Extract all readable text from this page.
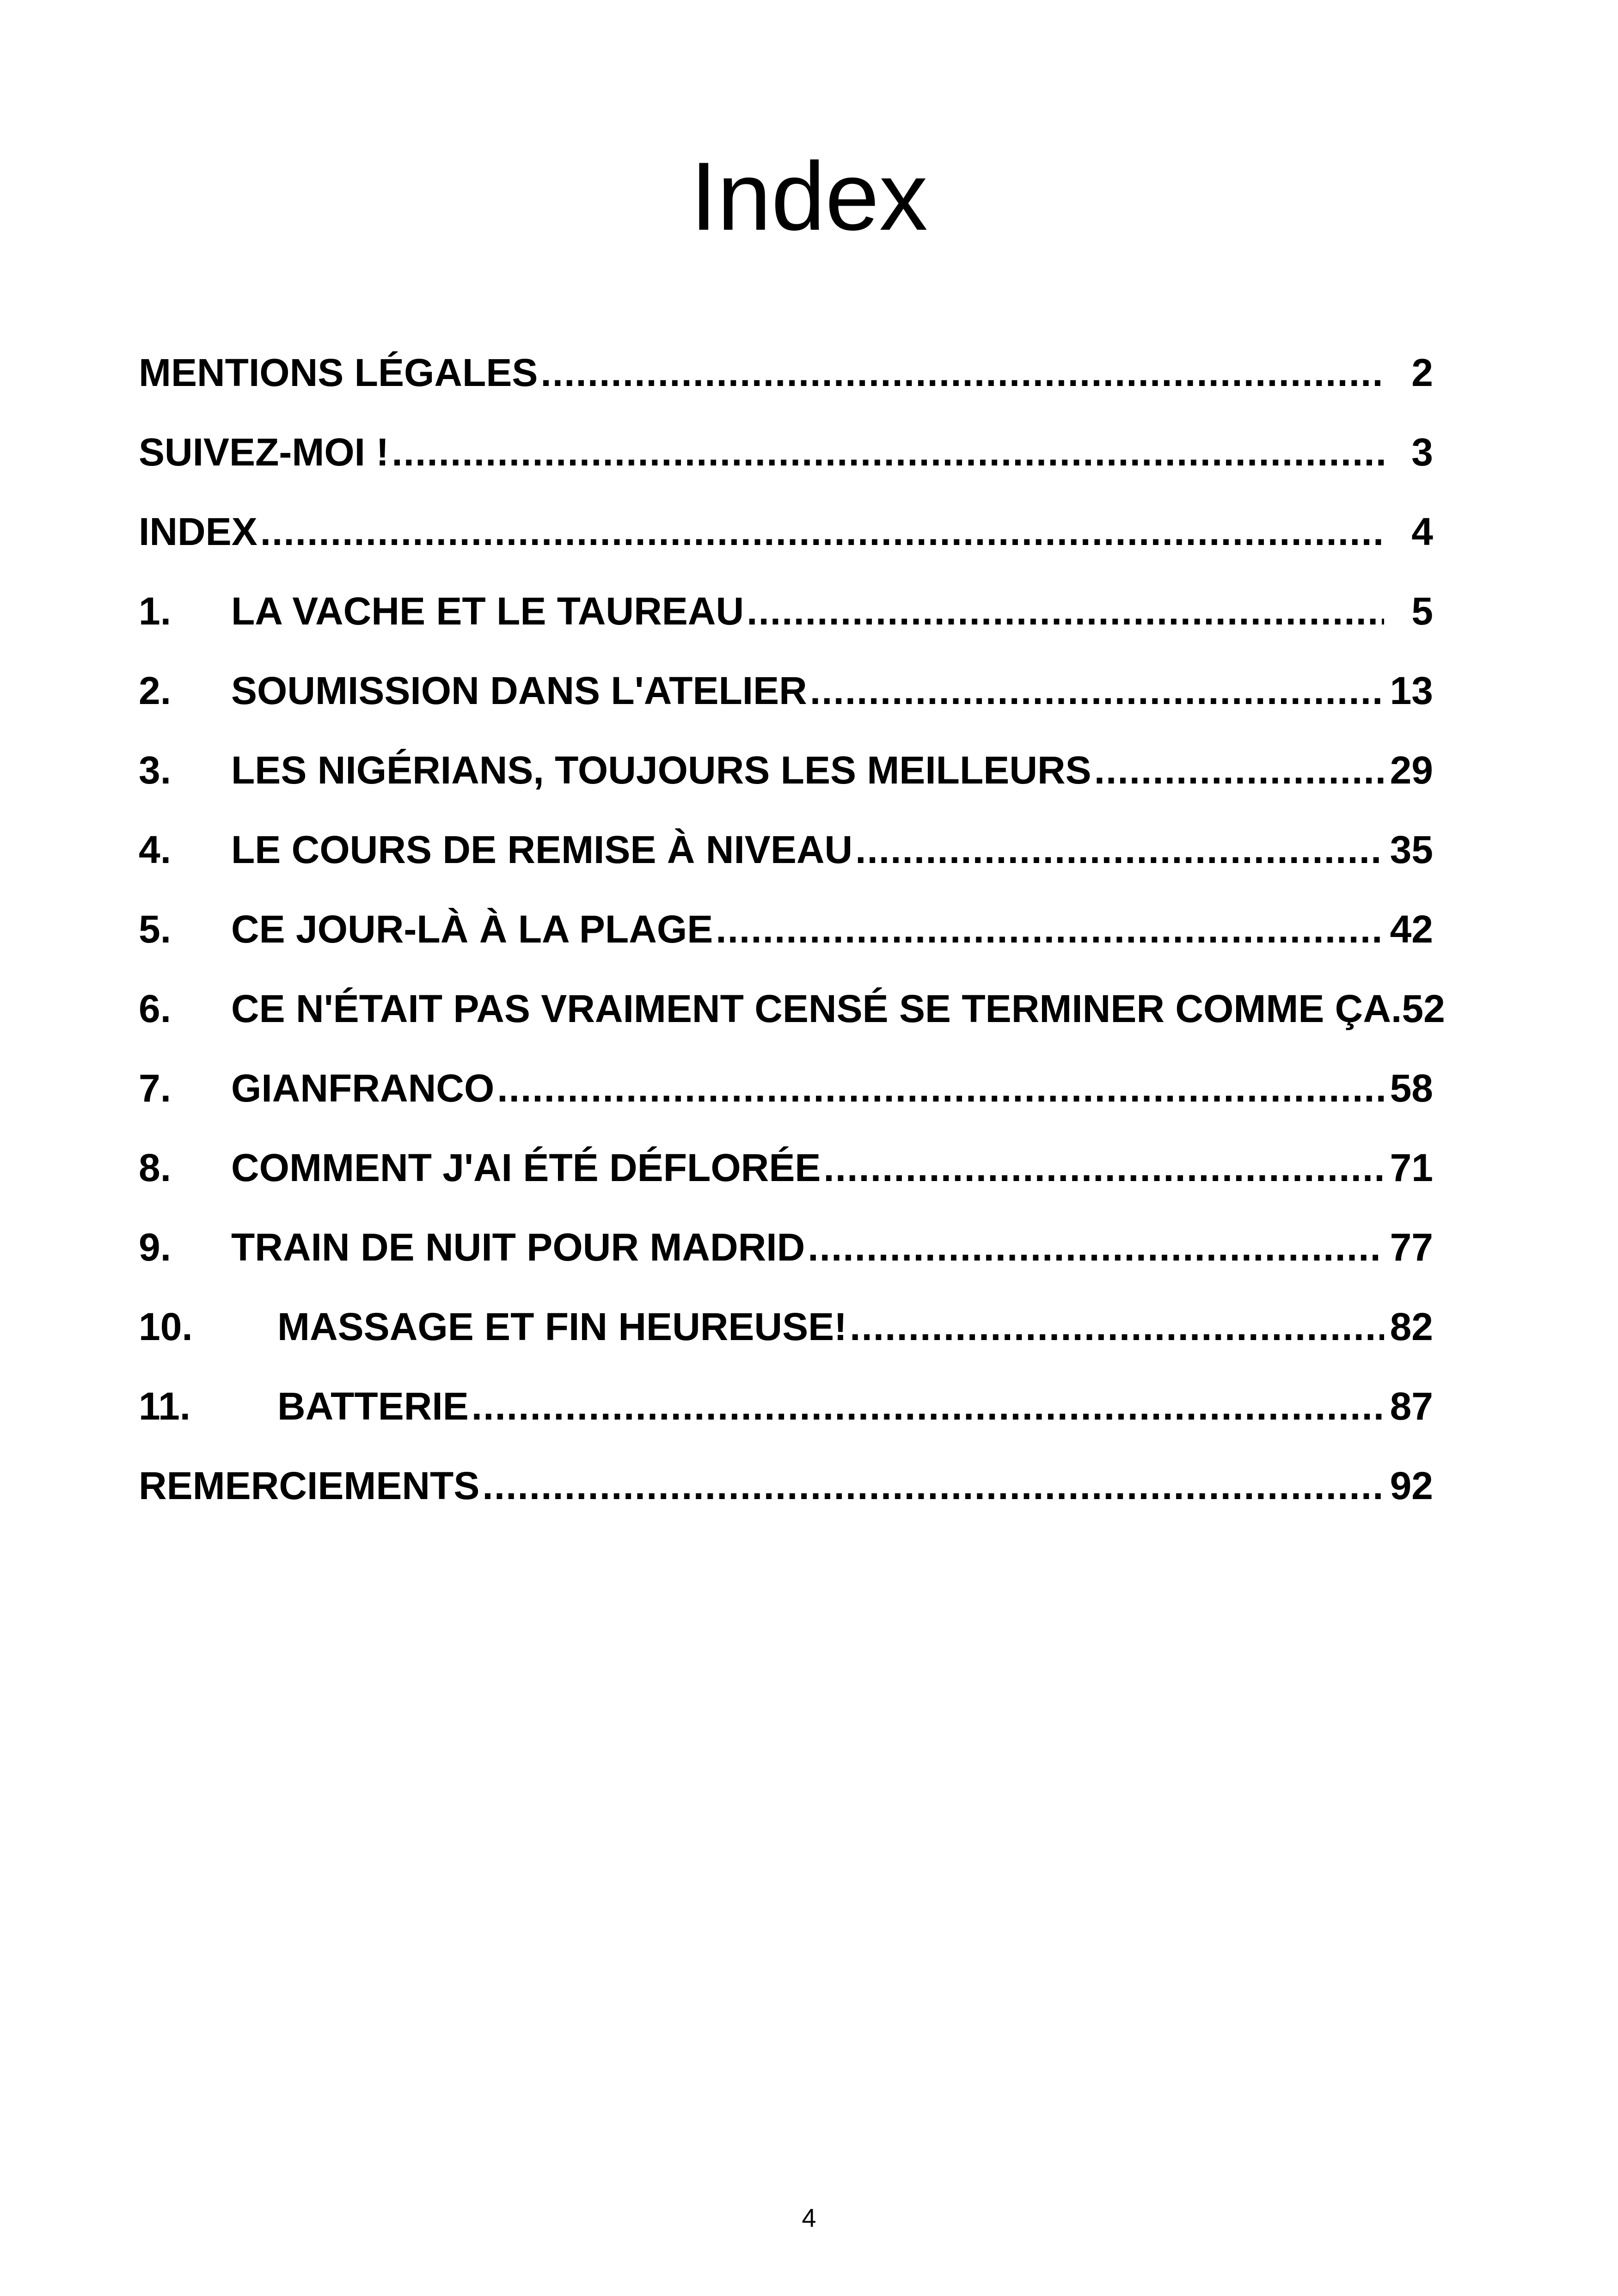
Index
MENTIONS LÉGALES .....	2
SUIVEZ-MOI ! .....	3
INDEX .....	4
1.	LA VACHE ET LE TAUREAU .....	5
2.	SOUMISSION DANS L'ATELIER .....	13
3.	LES NIGÉRIANS, TOUJOURS LES MEILLEURS .....	29
4.	LE COURS DE REMISE À NIVEAU .....	35
5.	CE JOUR-LÀ À LA PLAGE .....	42
6.	CE N'ÉTAIT PAS VRAIMENT CENSÉ SE TERMINER COMME ÇA. 52
7.	GIANFRANCO .....	58
8.	COMMENT J'AI ÉTÉ DÉFLORÉE .....	71
9.	TRAIN DE NUIT POUR MADRID .....	77
10.	MASSAGE ET FIN HEUREUSE! .....	82
11.	BATTERIE .....	87
REMERCIEMENTS .....	92
4
